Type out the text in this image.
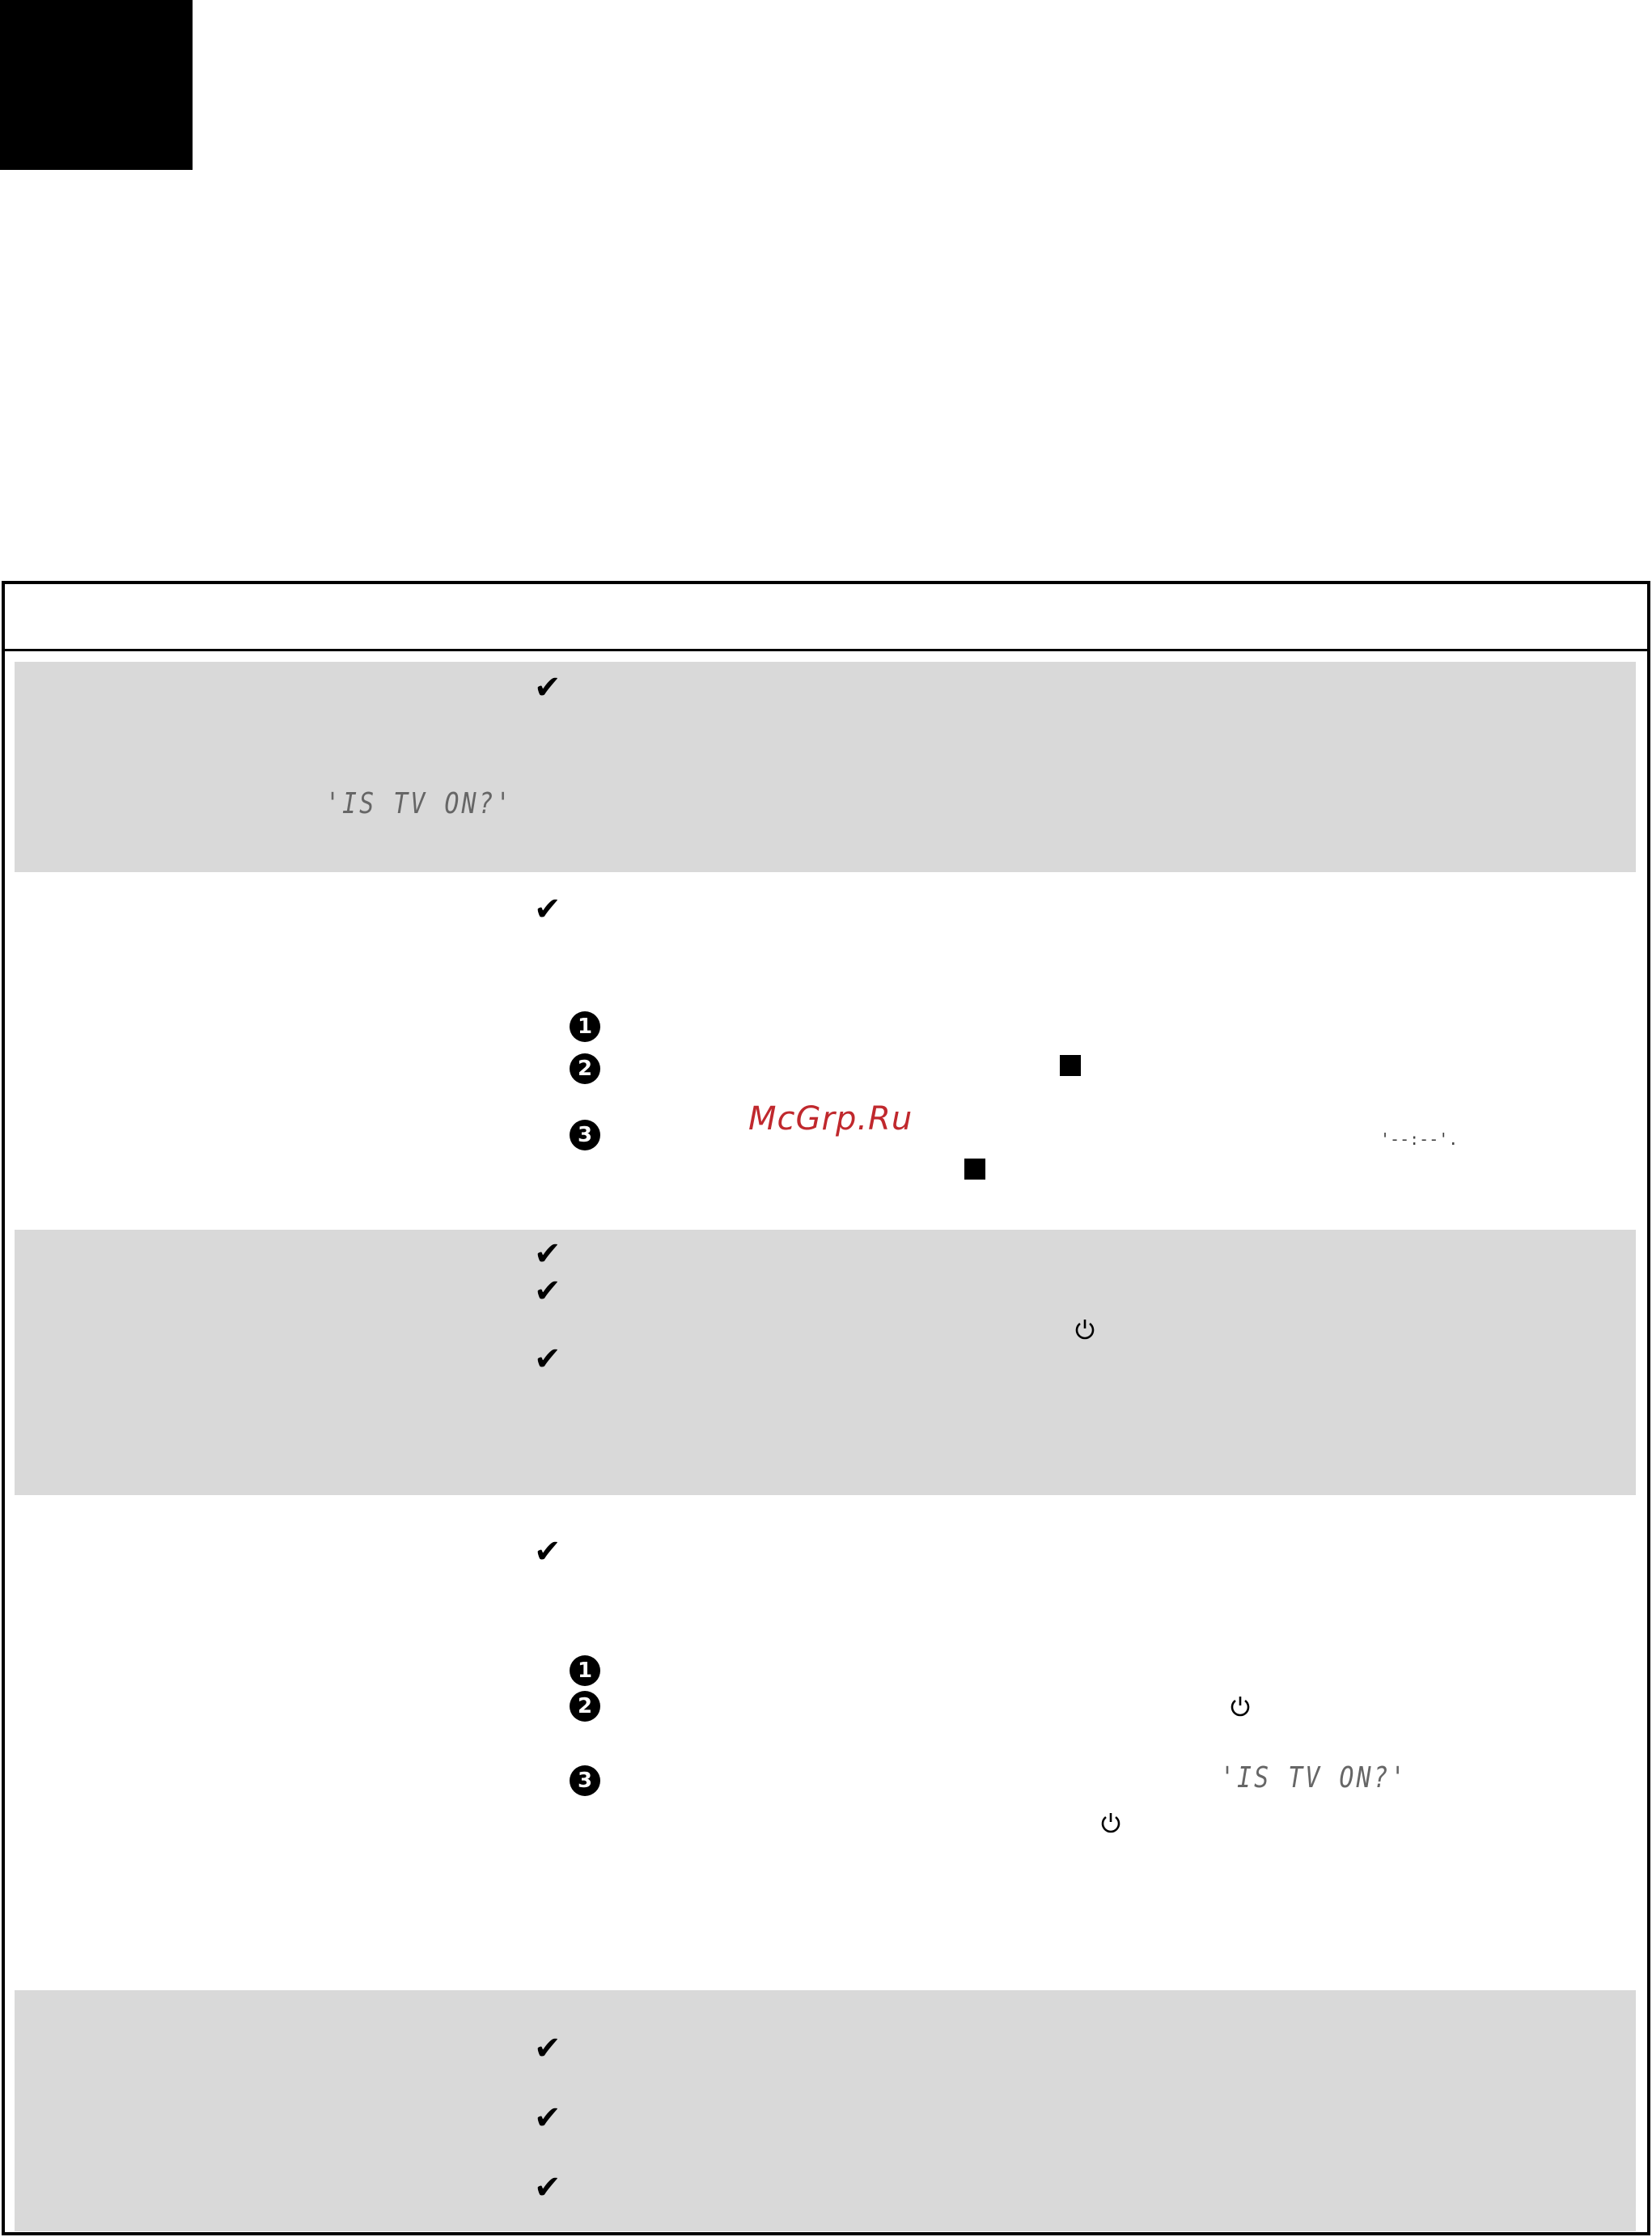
✔
'IS TV ON?'
✔
1
2
McGrp.Ru
3	'--:--'.
✔
✔
✔
✔
1
2
3	'IS TV ON?'
✔
✔
✔
